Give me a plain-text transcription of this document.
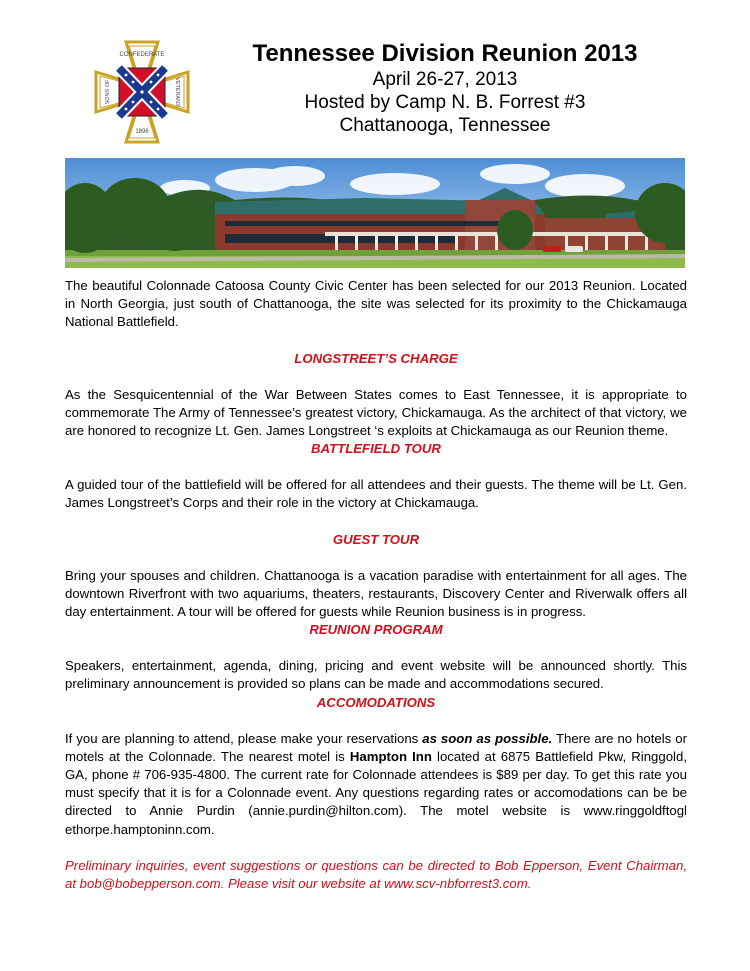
CONFEDERATE
1896
SONS OF	VETERANS
Tennessee Division Reunion 2013
April 26-27, 2013
Hosted by Camp N. B. Forrest #3
Chattanooga, Tennessee

The beautiful Colonnade Catoosa County Civic Center has been selected for our 2013 Reunion. Located in North Georgia, just south of Chattanooga, the site was selected for its proximity to the Chickamauga National Battlefield.

LONGSTREET’S CHARGE

As the Sesquicentennial of the War Between States comes to East Tennessee, it is appropriate to commemorate The Army of Tennessee’s greatest victory, Chickamauga. As the architect of that victory, we are honored to recognize Lt. Gen. James Longstreet ‘s exploits at Chickamauga as our Reunion theme.

BATTLEFIELD TOUR

A guided tour of the battlefield will be offered for all attendees and their guests. The theme will be Lt. Gen. James Longstreet’s Corps and their role in the victory at Chickamauga.

GUEST TOUR

Bring your spouses and children. Chattanooga is a vacation paradise with entertainment for all ages. The downtown Riverfront with two aquariums, theaters, restaurants, Discovery Center and Riverwalk offers all day entertainment. A tour will be offered for guests while Reunion business is in progress.

REUNION PROGRAM

Speakers, entertainment, agenda, dining, pricing and event website will be announced shortly. This preliminary announcement is provided so plans can be made and accommodations secured.

ACCOMODATIONS

If you are planning to attend, please make your reservations as soon as possible. There are no hotels or motels at the Colonnade. The nearest motel is Hampton Inn located at 6875 Battlefield Pkw, Ringgold, GA, phone # 706-935-4800. The current rate for Colonnade attendees is $89 per day. To get this rate you must specify that it is for a Colonnade event. Any questions regarding rates or accomodations can be be directed to Annie Purdin (annie.purdin@hilton.com). The motel website is www.ringgoldftogl ethorpe.hamptoninn.com.

Preliminary inquiries, event suggestions or questions can be directed to Bob Epperson, Event Chairman, at bob@bobepperson.com. Please visit our website at www.scv-nbforrest3.com.
